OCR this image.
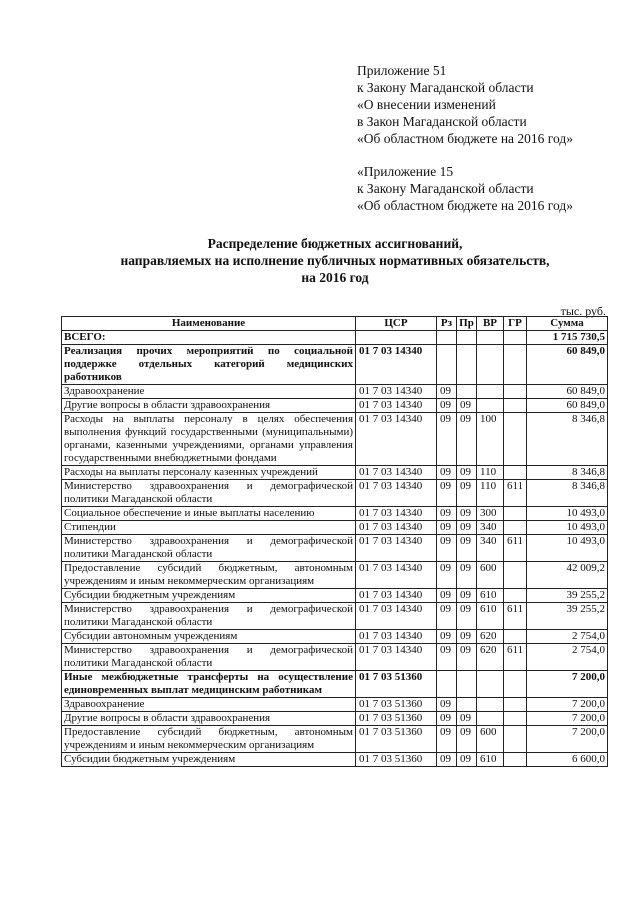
Приложение 51
к Закону Магаданской области
«О внесении изменений
в Закон Магаданской области
«Об областном бюджете на 2016 год»
«Приложение 15
к Закону Магаданской области
«Об областном бюджете на 2016 год»
Распределение бюджетных ассигнований,
направляемых на исполнение публичных нормативных обязательств,
на 2016 год
тыс. руб.
Наименование	ЦСР	Рз	Пр	ВР	ГР	Сумма
ВСЕГО:						1 715 730,5
Реализация прочих мероприятий по социальной поддержке отдельных категорий медицинских работников	01 7 03 14340					60 849,0
Здравоохранение	01 7 03 14340	09				60 849,0
Другие вопросы в области здравоохранения	01 7 03 14340	09	09			60 849,0
Расходы на выплаты персоналу в целях обеспечения выполнения функций государственными (муниципальными) органами, казенными учреждениями, органами управления государственными внебюджетными фондами	01 7 03 14340	09	09	100		8 346,8
Расходы на выплаты персоналу казенных учреждений	01 7 03 14340	09	09	110		8 346,8
Министерство здравоохранения и демографической политики Магаданской области	01 7 03 14340	09	09	110	611	8 346,8
Социальное обеспечение и иные выплаты населению	01 7 03 14340	09	09	300		10 493,0
Стипендии	01 7 03 14340	09	09	340		10 493,0
Министерство здравоохранения и демографической политики Магаданской области	01 7 03 14340	09	09	340	611	10 493,0
Предоставление субсидий бюджетным, автономным учреждениям и иным некоммерческим организациям	01 7 03 14340	09	09	600		42 009,2
Субсидии бюджетным учреждениям	01 7 03 14340	09	09	610		39 255,2
Министерство здравоохранения и демографической политики Магаданской области	01 7 03 14340	09	09	610	611	39 255,2
Субсидии автономным учреждениям	01 7 03 14340	09	09	620		2 754,0
Министерство здравоохранения и демографической политики Магаданской области	01 7 03 14340	09	09	620	611	2 754,0
Иные межбюджетные трансферты на осуществление единовременных выплат медицинским работникам	01 7 03 51360					7 200,0
Здравоохранение	01 7 03 51360	09				7 200,0
Другие вопросы в области здравоохранения	01 7 03 51360	09	09			7 200,0
Предоставление субсидий бюджетным, автономным учреждениям и иным некоммерческим организациям	01 7 03 51360	09	09	600		7 200,0
Субсидии бюджетным учреждениям	01 7 03 51360	09	09	610		6 600,0
